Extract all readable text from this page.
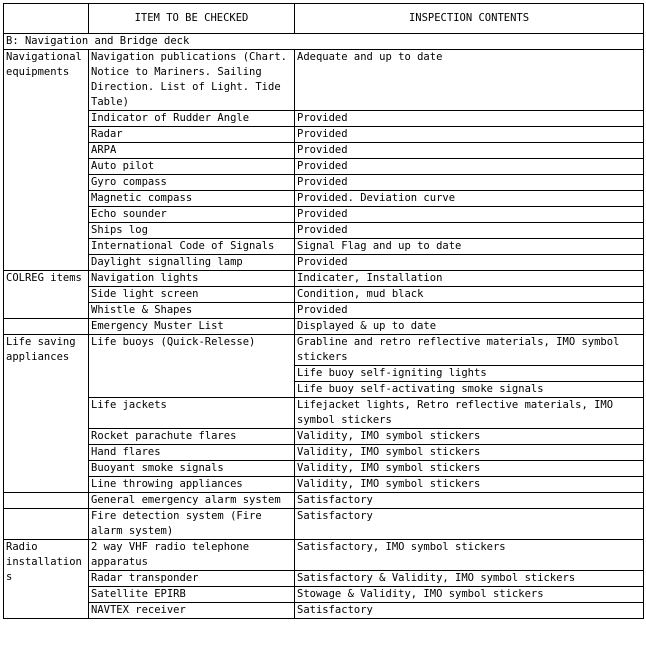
	ITEM TO BE CHECKED	INSPECTION CONTENTS
B: Navigation and Bridge deck		
Navigational equipments	Navigation publications (Chart. Notice to Mariners. Sailing Direction. List of Light. Tide Table)	Adequate and up to date
	Indicator of Rudder Angle	Provided
	Radar	Provided
	ARPA	Provided
	Auto pilot	Provided
	Gyro compass	Provided
	Magnetic compass	Provided. Deviation curve
	Echo sounder	Provided
	Ships log	Provided
	International Code of Signals	Signal Flag and up to date
	Daylight signalling lamp	Provided
COLREG items	Navigation lights	Indicater, Installation
	Side light screen	Condition, mud black
	Whistle & Shapes	Provided
	Emergency Muster List	Displayed & up to date
Life saving appliances	Life buoys (Quick-Relesse)	Grabline and retro reflective materials, IMO symbol stickers
		Life buoy self-igniting lights
		Life buoy self-activating smoke signals
	Life jackets	Lifejacket lights, Retro reflective materials, IMO symbol stickers
	Rocket parachute flares	Validity, IMO symbol stickers
	Hand flares	Validity, IMO symbol stickers
	Buoyant smoke signals	Validity, IMO symbol stickers
	Line throwing appliances	Validity, IMO symbol stickers
	General emergency alarm system	Satisfactory
	Fire detection system (Fire alarm system)	Satisfactory
Radio installations	2 way VHF radio telephone apparatus	Satisfactory, IMO symbol stickers
	Radar transponder	Satisfactory & Validity, IMO symbol stickers
	Satellite EPIRB	Stowage & Validity, IMO symbol stickers
	NAVTEX receiver	Satisfactory
